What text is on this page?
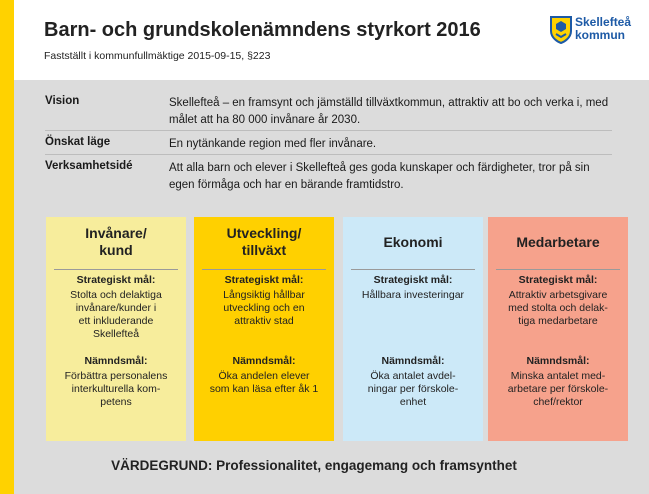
Barn- och grundskolenämndens styrkort 2016
Fastställt i kommunfullmäktige 2015-09-15, §223
Skellefteå
kommun
Vision	Skellefteå – en framsynt och jämställd tillväxtkommun, attraktiv att bo och verka i, med målet att ha 80 000 invånare år 2030.
Önskat läge	En nytänkande region med fler invånare.
Verksamhetsidé	Att alla barn och elever i Skellefteå ges goda kunskaper och färdigheter, tror på sin egen förmåga och har en bärande framtidstro.
Invånare/
kund
Strategiskt mål:
Stolta och delaktiga
invånare/kunder i
ett inkluderande
Skellefteå
Nämndsmål:
Förbättra personalens
interkulturella kom-
petens
Utveckling/
tillväxt
Strategiskt mål:
Långsiktig hållbar
utveckling och en
attraktiv stad
Nämndsmål:
Öka andelen elever
som kan läsa efter åk 1
Ekonomi
Strategiskt mål:
Hållbara investeringar
Nämndsmål:
Öka antalet avdel-
ningar per förskole-
enhet
Medarbetare
Strategiskt mål:
Attraktiv arbetsgivare
med stolta och delak-
tiga medarbetare
Nämndsmål:
Minska antalet med-
arbetare per förskole-
chef/rektor
VÄRDEGRUND: Professionalitet, engagemang och framsynthet
